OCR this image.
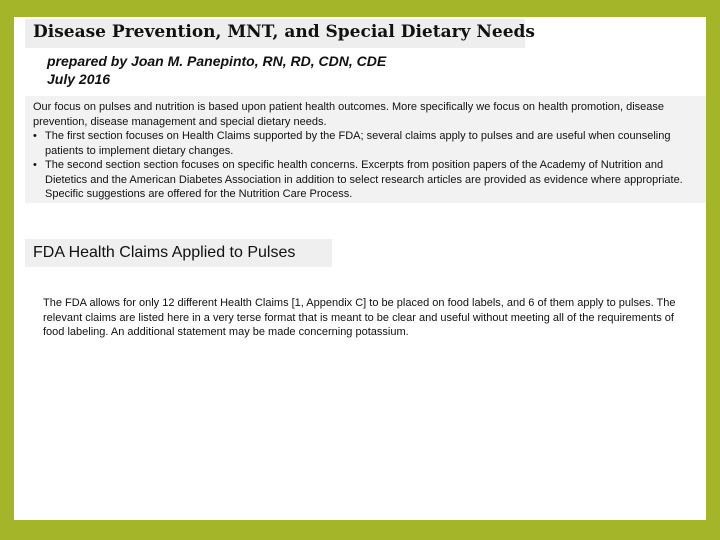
Disease Prevention, MNT, and Special Dietary Needs
prepared by Joan M. Panepinto, RN, RD, CDN, CDE
July 2016

Our focus on pulses and nutrition is based upon patient health outcomes. More specifically we focus on health promotion, disease prevention, disease management and special dietary needs.

• The first section focuses on Health Claims supported by the FDA; several claims apply to pulses and are useful when counseling patients to implement dietary changes.
• The second section section focuses on specific health concerns. Excerpts from position papers of the Academy of Nutrition and Dietetics and the American Diabetes Association in addition to select research articles are provided as evidence where appropriate. Specific suggestions are offered for the Nutrition Care Process.
FDA Health Claims Applied to Pulses

The FDA allows for only 12 different Health Claims [1, Appendix C] to be placed on food labels, and 6 of them apply to pulses. The relevant claims are listed here in a very terse format that is meant to be clear and useful without meeting all of the requirements of food labeling. An additional statement may be made concerning potassium.
